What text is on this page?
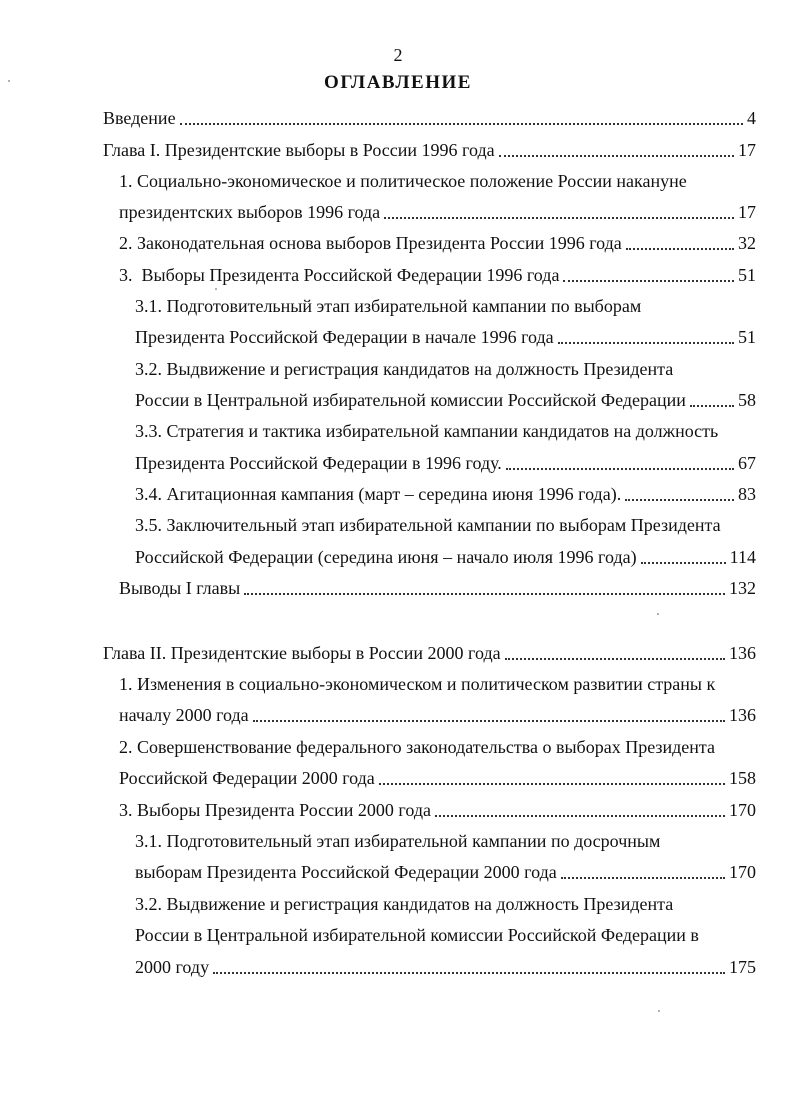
2
ОГЛАВЛЕНИЕ
Введение	4
Глава I. Президентские выборы в России 1996 года	17
1. Социально-экономическое и политическое положение России накануне
президентских выборов 1996 года	17
2. Законодательная основа выборов Президента России 1996 года	32
3.  Выборы Президента Российской Федерации 1996 года	51
3.1. Подготовительный этап избирательной кампании по выборам
Президента Российской Федерации в начале 1996 года	51
3.2. Выдвижение и регистрация кандидатов на должность Президента
России в Центральной избирательной комиссии Российской Федерации	58
3.3. Стратегия и тактика избирательной кампании кандидатов на должность
Президента Российской Федерации в 1996 году.	67
3.4. Агитационная кампания (март – середина июня 1996 года).	83
3.5. Заключительный этап избирательной кампании по выборам Президента
Российской Федерации (середина июня – начало июля 1996 года)	114
Выводы I главы	132
Глава II. Президентские выборы в России 2000 года	136
1. Изменения в социально-экономическом и политическом развитии страны к
началу 2000 года	136
2. Совершенствование федерального законодательства о выборах Президента
Российской Федерации 2000 года	158
3. Выборы Президента России 2000 года	170
3.1. Подготовительный этап избирательной кампании по досрочным
выборам Президента Российской Федерации 2000 года	170
3.2. Выдвижение и регистрация кандидатов на должность Президента
России в Центральной избирательной комиссии Российской Федерации в
2000 году	175
